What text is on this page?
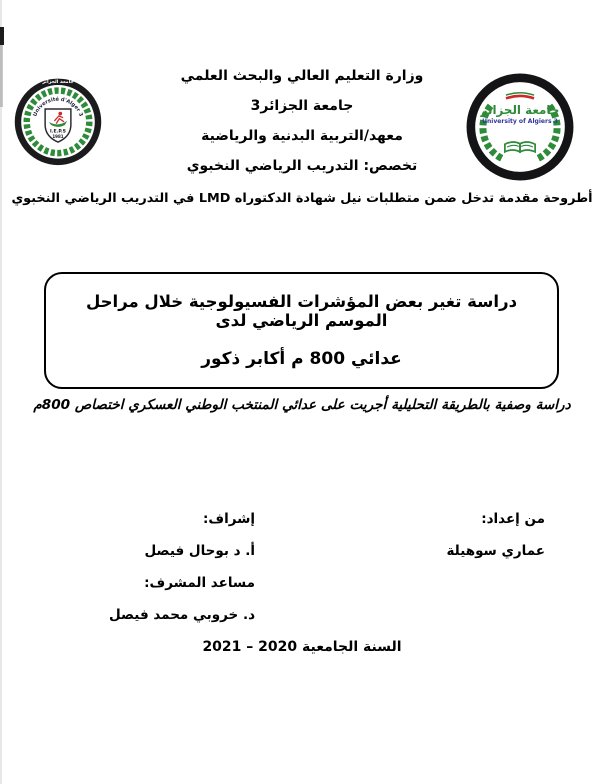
جامعة الجزائر
Université d'Alger 3
I.E.P.S
1981
جامعة الجزائر
University of Algiers 3
وزارة التعليم العالي والبحث العلمي
جامعة الجزائر3
معهد/التربية البدنية والرياضية
تخصص: التدريب الرياضي النخبوي
أطروحة مقدمة تدخل ضمن متطلبات نيل شهادة الدكتوراه LMD في التدريب الرياضي النخبوي
دراسة تغير بعض المؤشرات الفسيولوجية خلال مراحل الموسم الرياضي لدى
عدائي 800 م أكابر ذكور
دراسة وصفية بالطريقة التحليلية أجريت على عدائي المنتخب الوطني العسكري اختصاص 800م
من إعداد:
عماري سوهيلة
إشراف:
أ. د بوحال فيصل
مساعد المشرف:
د. خروبي محمد فيصل
السنة الجامعية 2020 – 2021
